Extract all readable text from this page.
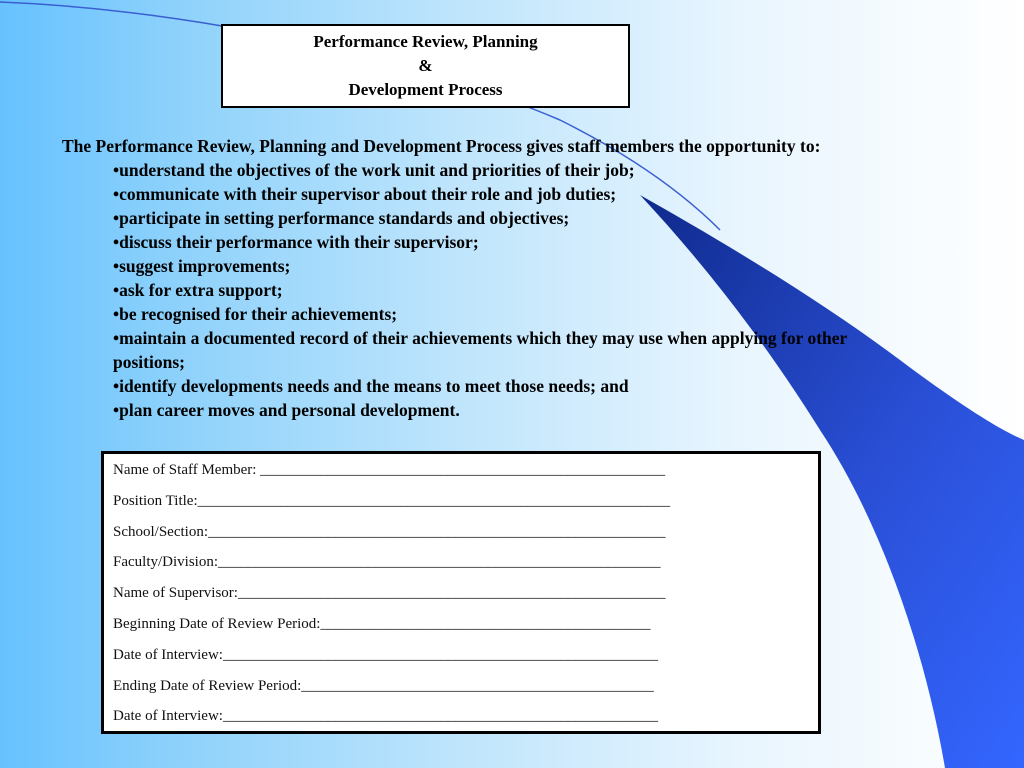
Performance Review, Planning
&
Development Process

The Performance Review, Planning and Development Process gives staff members the opportunity to:

•understand the objectives of the work unit and priorities of their job;
•communicate with their supervisor about their role and job duties;
•participate in setting performance standards and objectives;
•discuss their performance with their supervisor;
•suggest improvements;
•ask for extra support;
•be recognised for their achievements;
•maintain a documented record of their achievements which they may use when applying for other positions;
•identify developments needs and the means to meet those needs; and
•plan career moves and personal development.
Name of Staff Member: ______________________________________________________
Position Title:_______________________________________________________________
School/Section:_____________________________________________________________
Faculty/Division:___________________________________________________________
Name of Supervisor:_________________________________________________________
Beginning Date of Review Period:____________________________________________
Date of Interview:__________________________________________________________
Ending Date of Review Period:_______________________________________________
Date of Interview:__________________________________________________________
